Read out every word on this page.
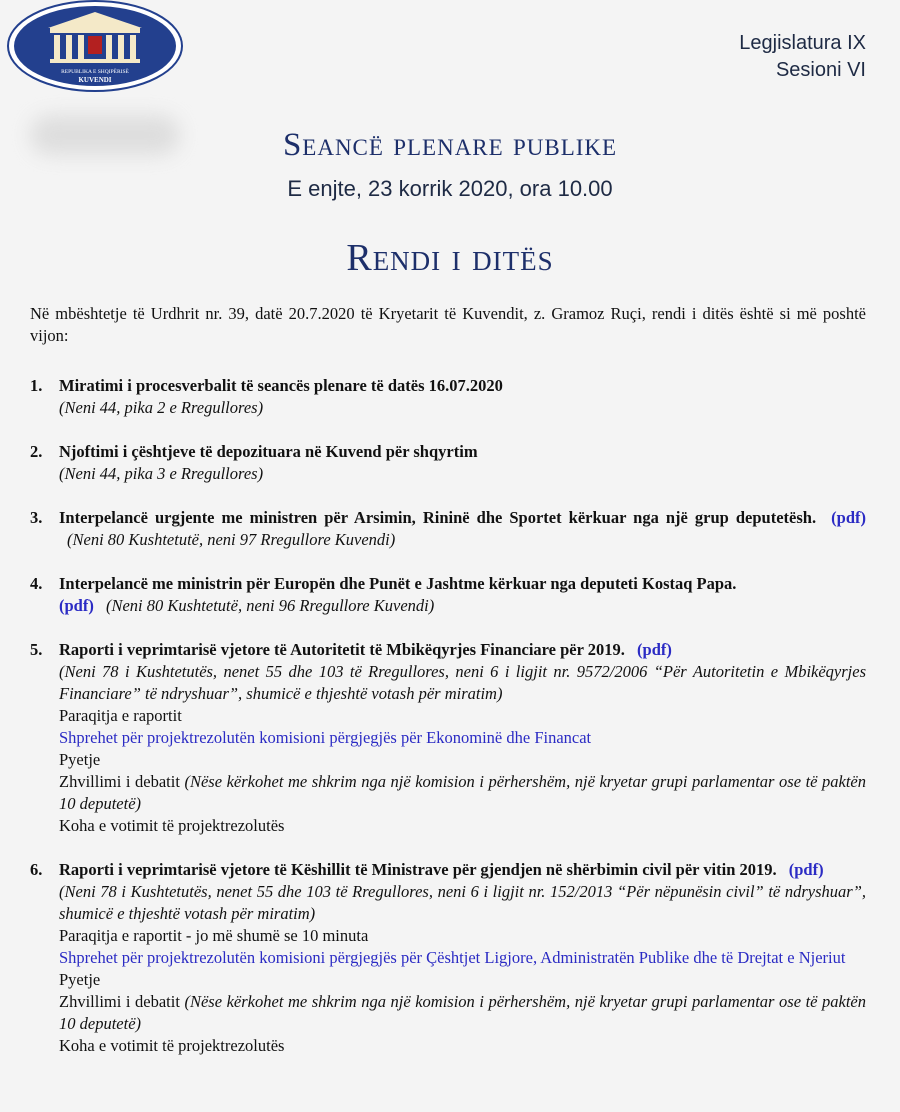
REPUBLIKA E SHQIPËRISË
KUVENDI
Legjislatura IX
Sesioni VI
Seancë plenare publike
E enjte, 23 korrik 2020, ora 10.00
Rendi i ditës

Në mbështetje të Urdhrit nr. 39, datë 20.7.2020 të Kryetarit të Kuvendit, z. Gramoz Ruçi, rendi i ditës është si më poshtë vijon:

1. Miratimi i procesverbalit të seancës plenare të datës 16.07.2020
(Neni 44, pika 2 e Rregullores)
2. Njoftimi i çështjeve të depozituara në Kuvend për shqyrtim
(Neni 44, pika 3 e Rregullores)
3. Interpelancë urgjente me ministren për Arsimin, Rininë dhe Sportet kërkuar nga një grup deputetësh. (pdf) (Neni 80 Kushtetutë, neni 97 Rregullore Kuvendi)
4. Interpelancë me ministrin për Europën dhe Punët e Jashtme kërkuar nga deputeti Kostaq Papa.
(pdf) (Neni 80 Kushtetutë, neni 96 Rregullore Kuvendi)
5. Raporti i veprimtarisë vjetore të Autoritetit të Mbikëqyrjes Financiare për 2019. (pdf)
(Neni 78 i Kushtetutës, nenet 55 dhe 103 të Rregullores, neni 6 i ligjit nr. 9572/2006 “Për Autoritetin e Mbikëqyrjes Financiare” të ndryshuar”, shumicë e thjeshtë votash për miratim)
Paraqitja e raportit
Shprehet për projektrezolutën komisioni përgjegjës për Ekonominë dhe Financat
Pyetje
Zhvillimi i debatit (Nëse kërkohet me shkrim nga një komision i përhershëm, një kryetar grupi parlamentar ose të paktën 10 deputetë)
Koha e votimit të projektrezolutës
6. Raporti i veprimtarisë vjetore të Këshillit të Ministrave për gjendjen në shërbimin civil për vitin 2019. (pdf)
(Neni 78 i Kushtetutës, nenet 55 dhe 103 të Rregullores, neni 6 i ligjit nr. 152/2013 “Për nëpunësin civil” të ndryshuar”, shumicë e thjeshtë votash për miratim)
Paraqitja e raportit - jo më shumë se 10 minuta
Shprehet për projektrezolutën komisioni përgjegjës për Çështjet Ligjore, Administratën Publike dhe të Drejtat e Njeriut
Pyetje
Zhvillimi i debatit (Nëse kërkohet me shkrim nga një komision i përhershëm, një kryetar grupi parlamentar ose të paktën 10 deputetë)
Koha e votimit të projektrezolutës
